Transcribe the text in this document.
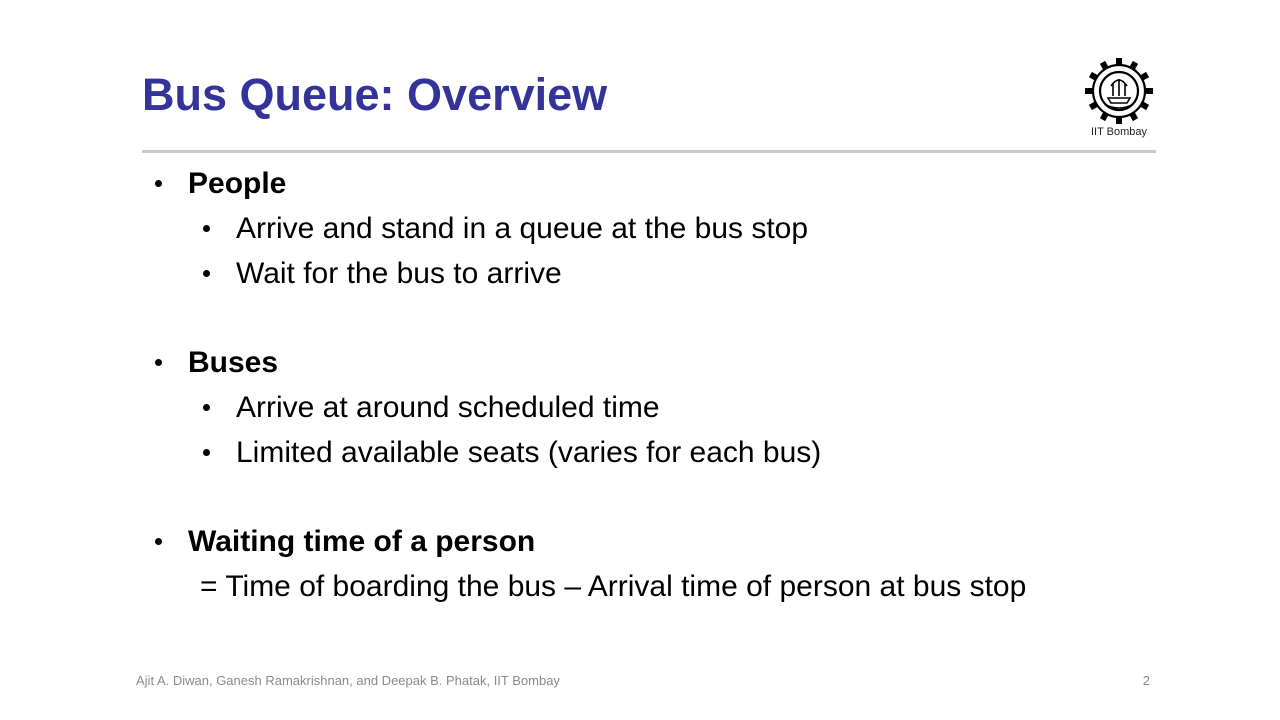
Bus Queue: Overview
IIT Bombay
People
Arrive and stand in a queue at the bus stop
Wait for the bus to arrive
Buses
Arrive at around scheduled time
Limited available seats (varies for each bus)
Waiting time of a person
= Time of boarding the bus – Arrival time of person at bus stop
Ajit A. Diwan, Ganesh Ramakrishnan, and Deepak B. Phatak, IIT Bombay	2
